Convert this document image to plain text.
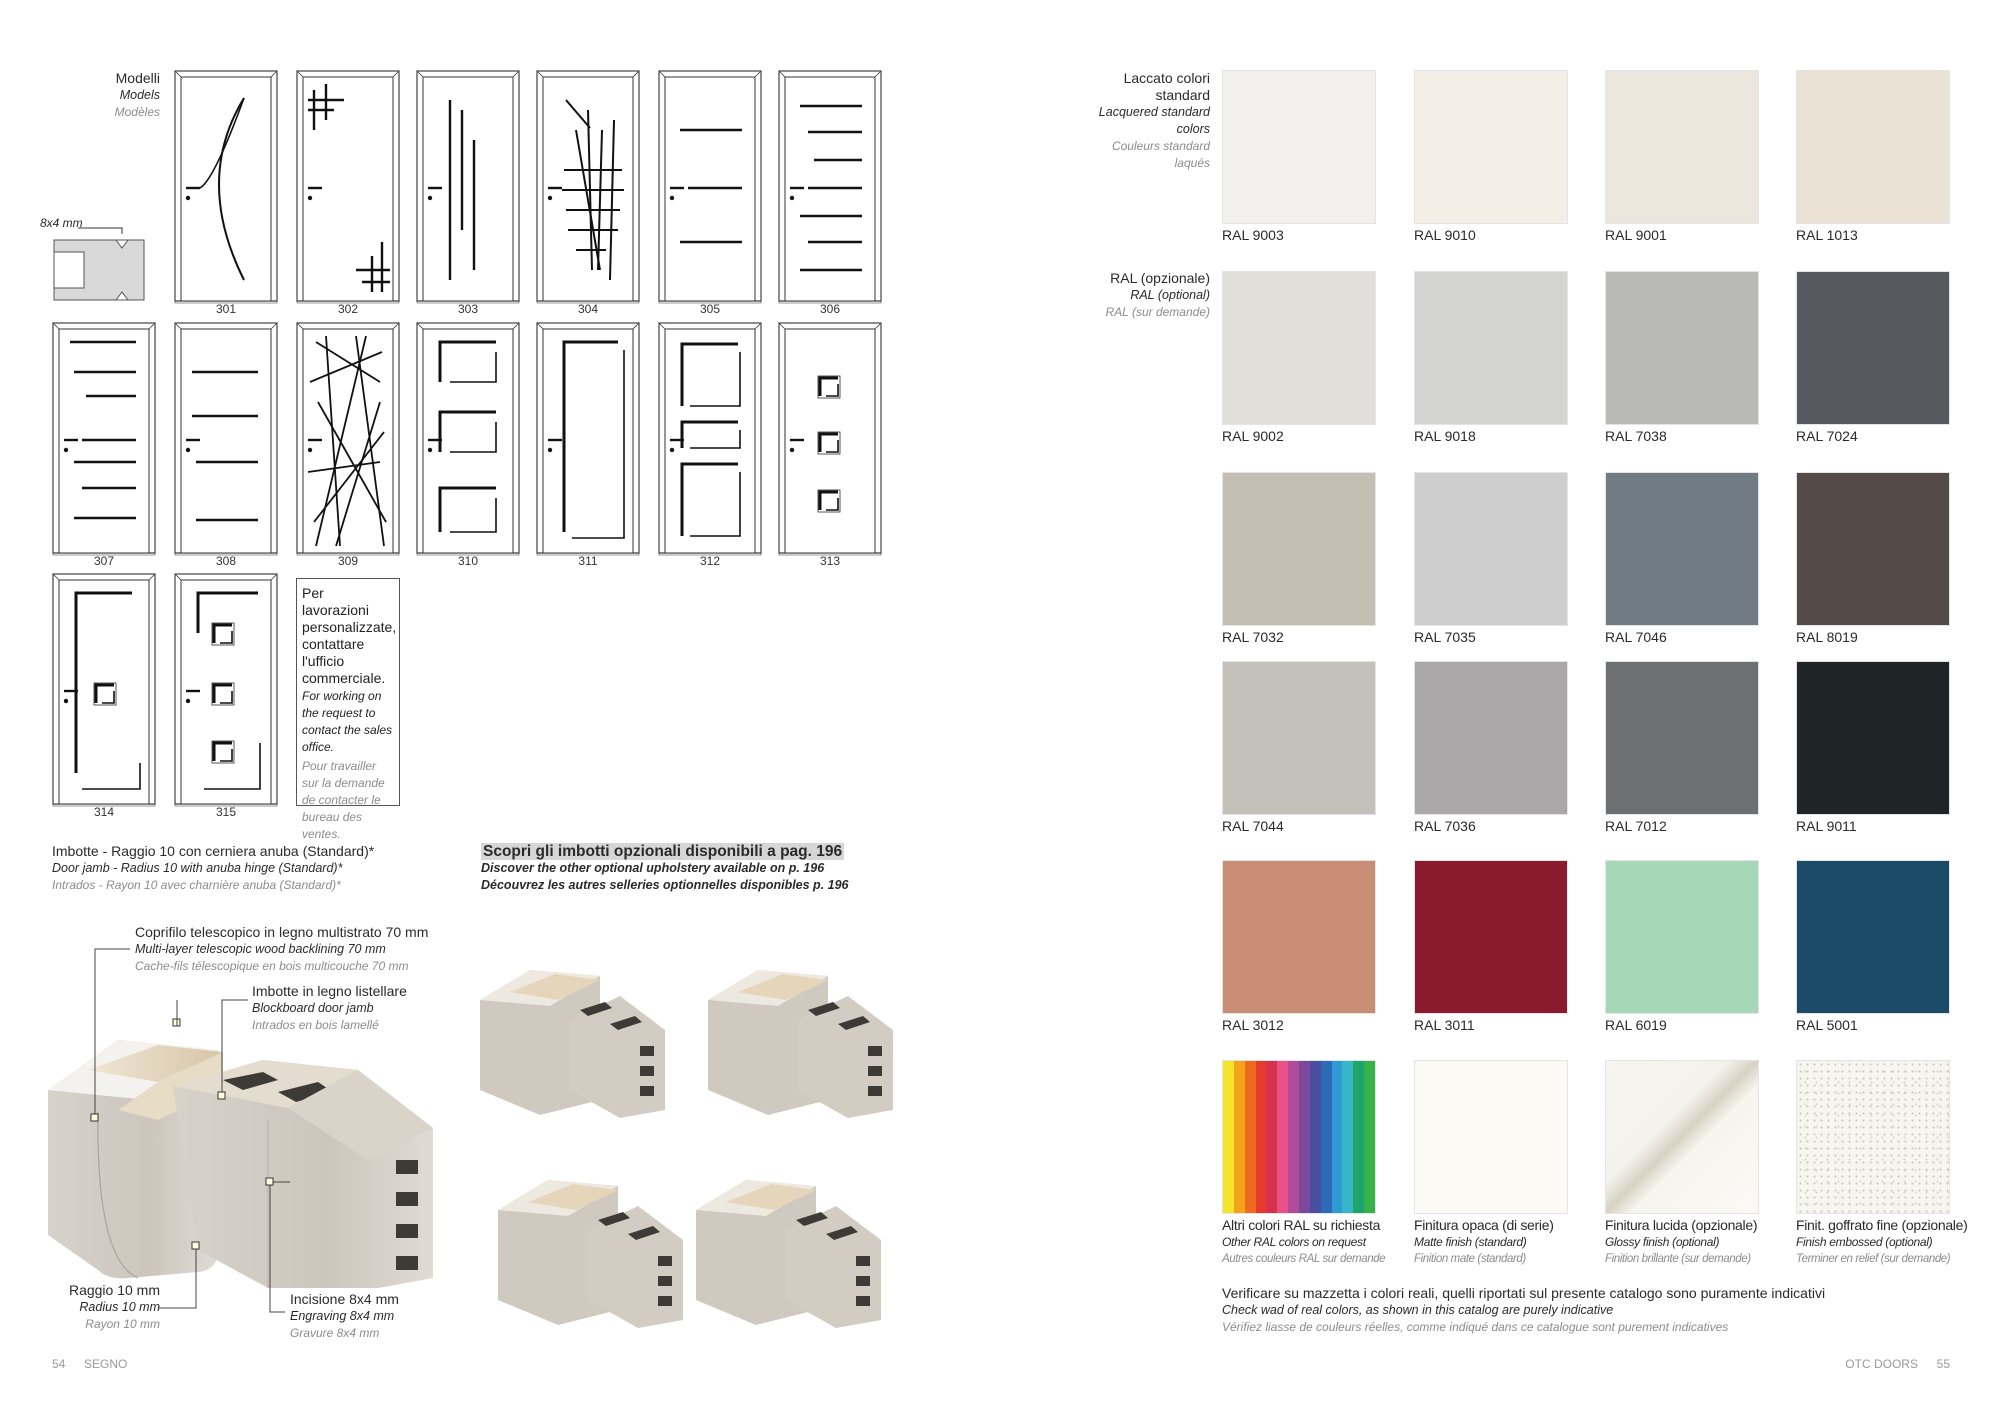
Modelli
Models
Modèles
8x4 mm
301	302	303	304	305	306
307	308	309	310	311	312	313
314	315
Per lavorazioni personalizzate, contattare l'ufficio commerciale.
For working on the request to contact the sales office.
Pour travailler sur la demande de contacter le bureau des ventes.
Imbotte - Raggio 10 con cerniera anuba (Standard)*
Door jamb - Radius 10 with anuba hinge (Standard)*
Intrados - Rayon 10 avec charnière anuba (Standard)*
Scopri gli imbotti opzionali disponibili a pag. 196
Discover the other optional upholstery available on p. 196
Découvrez les autres selleries optionnelles disponibles p. 196
Coprifilo telescopico in legno multistrato 70 mm
Multi-layer telescopic wood backlining 70 mm
Cache-fils télescopique en bois multicouche 70 mm
Imbotte in legno listellare
Blockboard door jamb
Intrados en bois lamellé
Raggio 10 mm
Radius 10 mm
Rayon 10 mm
Incisione 8x4 mm
Engraving 8x4 mm
Gravure 8x4 mm
54 SEGNO
Laccato colori standard
Lacquered standard colors
Couleurs standard laqués
RAL (opzionale)
RAL (optional)
RAL (sur demande)
RAL 9003	RAL 9010	RAL 9001	RAL 1013
RAL 9002	RAL 9018	RAL 7038	RAL 7024
RAL 7032	RAL 7035	RAL 7046	RAL 8019
RAL 7044	RAL 7036	RAL 7012	RAL 9011
RAL 3012	RAL 3011	RAL 6019	RAL 5001
Altri colori RAL su richiesta
Other RAL colors on request
Autres couleurs RAL sur demande
Finitura opaca (di serie)
Matte finish (standard)
Finition mate (standard)
Finitura lucida (opzionale)
Glossy finish (optional)
Finition brillante (sur demande)
Finit. goffrato fine (opzionale)
Finish embossed (optional)
Terminer en relief (sur demande)
Verificare su mazzetta i colori reali, quelli riportati sul presente catalogo sono puramente indicativi
Check wad of real colors, as shown in this catalog are purely indicative
Vérifiez liasse de couleurs réelles, comme indiqué dans ce catalogue sont purement indicatives
OTC DOORS 55
